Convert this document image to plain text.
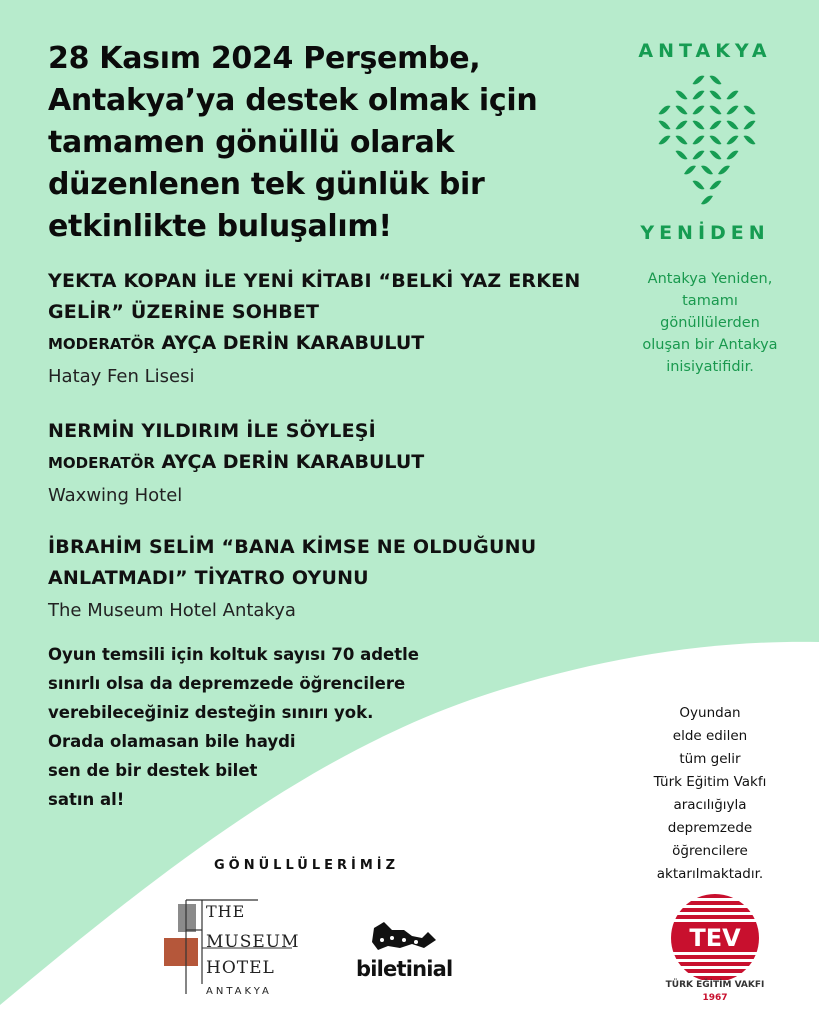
28 Kasım 2024 Perşembe, Antakya’ya destek olmak için tamamen gönüllü olarak düzenlenen tek günlük bir etkinlikte buluşalım!
YEKTA KOPAN İLE YENİ KİTABI “BELKİ YAZ ERKEN GELİR” ÜZERİNE SOHBET
MODERATÖR AYÇA DERİN KARABULUT
Hatay Fen Lisesi
NERMİN YILDIRIM İLE SÖYLEŞİ
MODERATÖR AYÇA DERİN KARABULUT
Waxwing Hotel
İBRAHİM SELİM “BANA KİMSE NE OLDUĞUNU ANLATMADI” TİYATRO OYUNU
The Museum Hotel Antakya
Oyun temsili için koltuk sayısı 70 adetle
sınırlı olsa da depremzede öğrencilere
verebileceğiniz desteğin sınırı yok.
Orada olamasan bile haydi
sen de bir destek bilet
satın al!
ANTAKYA
YENİDEN
Antakya Yeniden,
tamamı
gönüllülerden
oluşan bir Antakya
inisiyatifidir.
Oyundan
elde edilen
tüm gelir
Türk Eğitim Vakfı
aracılığıyla
depremzede
öğrencilere
aktarılmaktadır.
GÖNÜLLÜLERİMİZ
THE
MUSEUM
HOTEL
ANTAKYA
biletinial
TEV
TÜRK EĞİTİM VAKFI
1967
